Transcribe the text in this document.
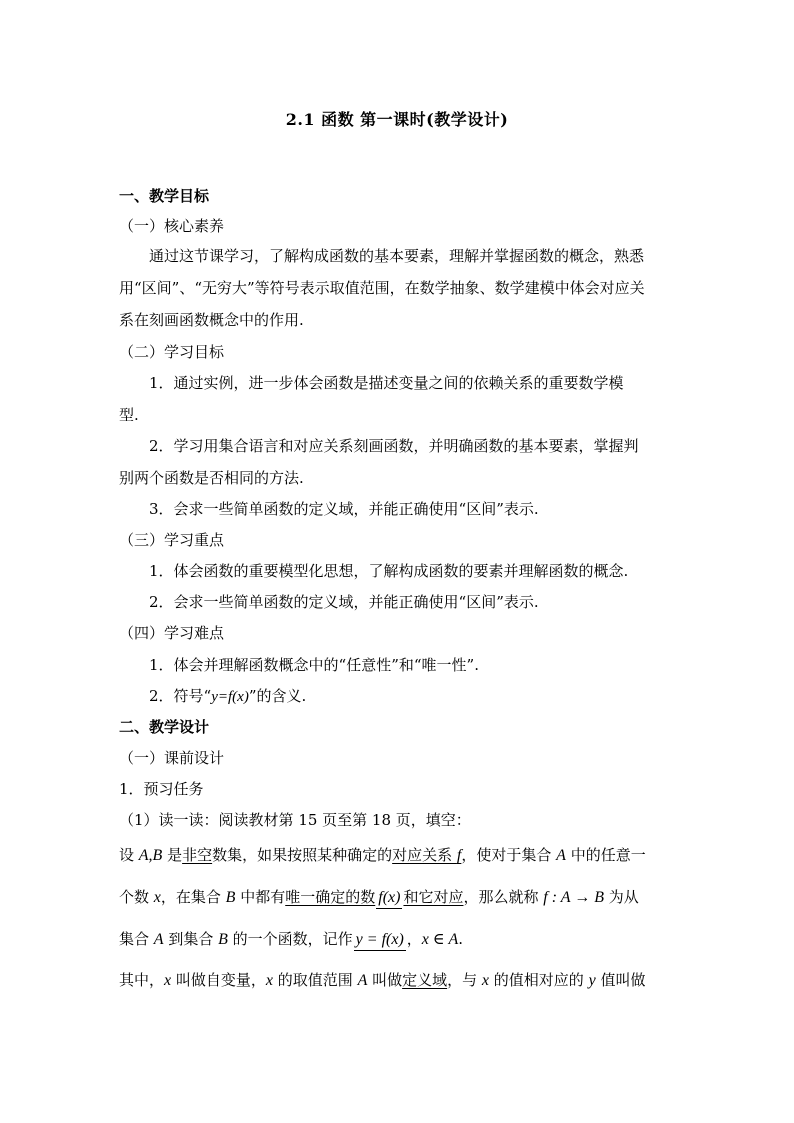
2.1 函数 第一课时(教学设计)
一、教学目标
（一）核心素养
通过这节课学习，了解构成函数的基本要素，理解并掌握函数的概念，熟悉
用“区间”、“无穷大”等符号表示取值范围，在数学抽象、数学建模中体会对应关
系在刻画函数概念中的作用.
（二）学习目标
1．通过实例，进一步体会函数是描述变量之间的依赖关系的重要数学模
型.
2．学习用集合语言和对应关系刻画函数，并明确函数的基本要素，掌握判
别两个函数是否相同的方法.
3．会求一些简单函数的定义域，并能正确使用“区间”表示.
（三）学习重点
1．体会函数的重要模型化思想，了解构成函数的要素并理解函数的概念.
2．会求一些简单函数的定义域，并能正确使用“区间”表示.
（四）学习难点
1．体会并理解函数概念中的“任意性”和“唯一性”.
2．符号“y=f(x)”的含义.
二、教学设计
（一）课前设计
1．预习任务
（1）读一读：阅读教材第 15 页至第 18 页，填空：
设 A,B 是非空数集，如果按照某种确定的对应关系 f，使对于集合 A 中的任意一
个数 x，在集合 B 中都有唯一确定的数 f(x) 和它对应，那么就称 f : A → B 为从
集合 A 到集合 B 的一个函数，记作 y = f(x) ，x ∈ A.
其中，x 叫做自变量，x 的取值范围 A 叫做定义域，与 x 的值相对应的 y 值叫做
